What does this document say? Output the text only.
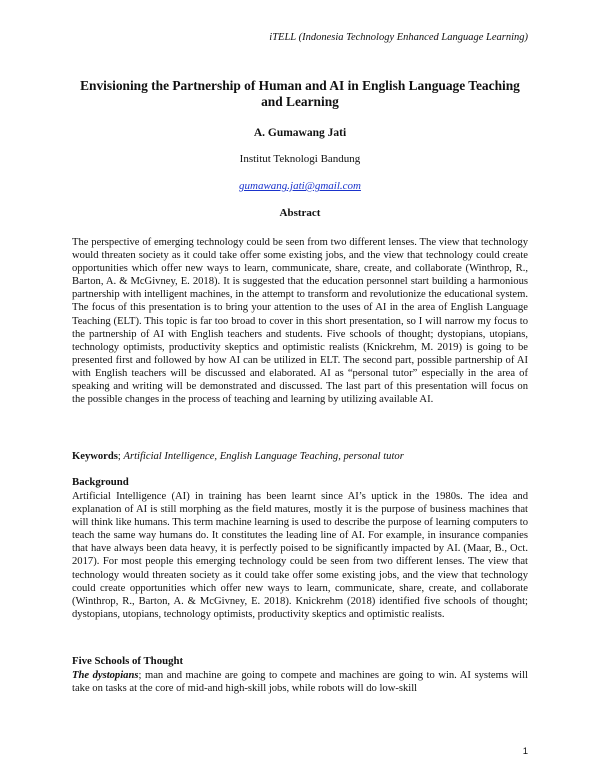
iTELL (Indonesia Technology Enhanced Language Learning)
Envisioning the Partnership of Human and AI in English Language Teaching and Learning
A. Gumawang Jati
Institut Teknologi Bandung
gumawang.jati@gmail.com
Abstract

The perspective of emerging technology could be seen from two different lenses. The view that technology would threaten society as it could take offer some existing jobs, and the view that technology could create opportunities which offer new ways to learn, communicate, share, create, and collaborate (Winthrop, R., Barton, A. & McGivney, E. 2018). It is suggested that the education personnel start building a harmonious partnership with intelligent machines, in the attempt to transform and revolutionize the educational system. The focus of this presentation is to bring your attention to the uses of AI in the area of English Language Teaching (ELT). This topic is far too broad to cover in this short presentation, so I will narrow my focus to the partnership of AI with English teachers and students. Five schools of thought; dystopians, utopians, technology optimists, productivity skeptics and optimistic realists (Knickrehm, M. 2019) is going to be presented first and followed by how AI can be utilized in ELT. The second part, possible partnership of AI with English teachers will be discussed and elaborated. AI as “personal tutor” especially in the area of speaking and writing will be demonstrated and discussed. The last part of this presentation will focus on the possible changes in the process of teaching and learning by utilizing available AI.

Keywords; Artificial Intelligence, English Language Teaching, personal tutor

Background

Artificial Intelligence (AI) in training has been learnt since AI’s uptick in the 1980s. The idea and explanation of AI is still morphing as the field matures, mostly it is the purpose of business machines that will think like humans. This term machine learning is used to describe the purpose of learning computers to teach the same way humans do. It constitutes the leading line of AI. For example, in insurance companies that have always been data heavy, it is perfectly poised to be significantly impacted by AI. (Maar, B., Oct. 2017). For most people this emerging technology could be seen from two different lenses. The view that technology would threaten society as it could take offer some existing jobs, and the view that technology could create opportunities which offer new ways to learn, communicate, share, create, and collaborate (Winthrop, R., Barton, A. & McGivney, E. 2018). Knickrehm (2018) identified five schools of thought; dystopians, utopians, technology optimists, productivity skeptics and optimistic realists.

Five Schools of Thought

The dystopians; man and machine are going to compete and machines are going to win. AI systems will take on tasks at the core of mid-and high-skill jobs, while robots will do low-skill

1
